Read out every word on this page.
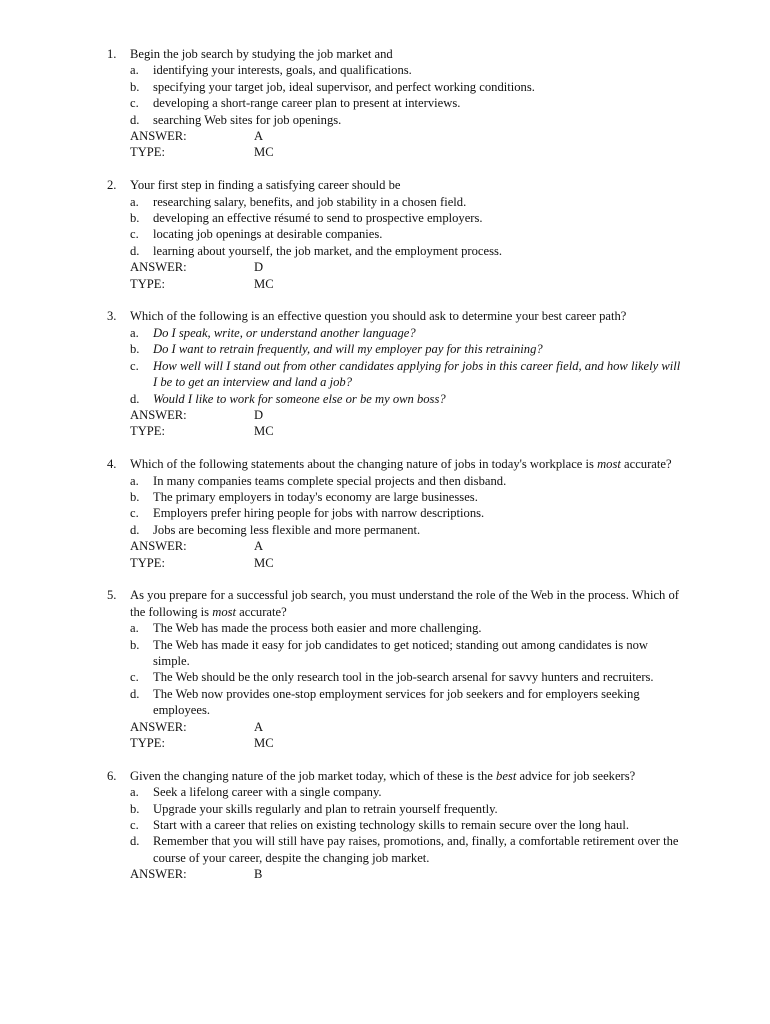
1. Begin the job search by studying the job market and
a. identifying your interests, goals, and qualifications.
b. specifying your target job, ideal supervisor, and perfect working conditions.
c. developing a short-range career plan to present at interviews.
d. searching Web sites for job openings.
ANSWER:	A
TYPE:	MC
2. Your first step in finding a satisfying career should be
a. researching salary, benefits, and job stability in a chosen field.
b. developing an effective résumé to send to prospective employers.
c. locating job openings at desirable companies.
d. learning about yourself, the job market, and the employment process.
ANSWER:	D
TYPE:	MC
3. Which of the following is an effective question you should ask to determine your best career path?
a. Do I speak, write, or understand another language?
b. Do I want to retrain frequently, and will my employer pay for this retraining?
c. How well will I stand out from other candidates applying for jobs in this career field, and how likely will I be to get an interview and land a job?
d. Would I like to work for someone else or be my own boss?
ANSWER:	D
TYPE:	MC
4. Which of the following statements about the changing nature of jobs in today's workplace is most accurate?
a. In many companies teams complete special projects and then disband.
b. The primary employers in today's economy are large businesses.
c. Employers prefer hiring people for jobs with narrow descriptions.
d. Jobs are becoming less flexible and more permanent.
ANSWER:	A
TYPE:	MC
5. As you prepare for a successful job search, you must understand the role of the Web in the process. Which of the following is most accurate?
a. The Web has made the process both easier and more challenging.
b. The Web has made it easy for job candidates to get noticed; standing out among candidates is now simple.
c. The Web should be the only research tool in the job-search arsenal for savvy hunters and recruiters.
d. The Web now provides one-stop employment services for job seekers and for employers seeking employees.
ANSWER:	A
TYPE:	MC
6. Given the changing nature of the job market today, which of these is the best advice for job seekers?
a. Seek a lifelong career with a single company.
b. Upgrade your skills regularly and plan to retrain yourself frequently.
c. Start with a career that relies on existing technology skills to remain secure over the long haul.
d. Remember that you will still have pay raises, promotions, and, finally, a comfortable retirement over the course of your career, despite the changing job market.
ANSWER:	B
